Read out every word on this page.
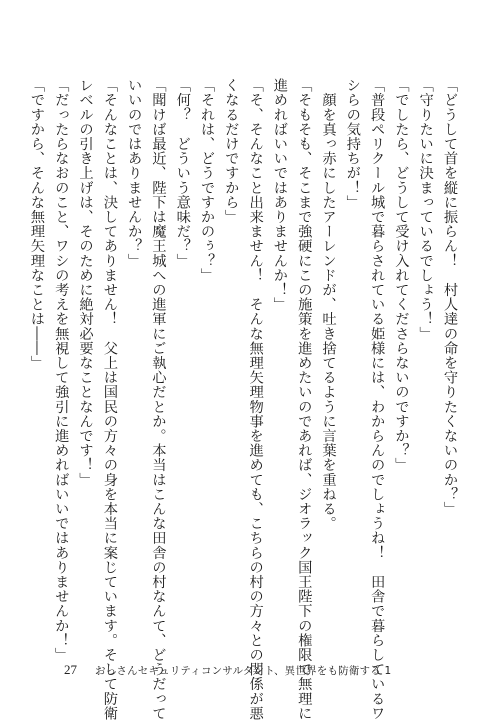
「どうして首を縦に振らん！　村人達の命を守りたくないのか？」
「守りたいに決まっているでしょう！」
「でしたら、どうして受け入れてくださらないのですか？」
「普段ペリクール城で暮らされている姫様には、わからんのでしょうね！　田舎で暮らしているワ
シらの気持ちが！」
　顔を真っ赤にしたアーレンドが、吐き捨てるように言葉を重ねる。
「そもそも、そこまで強硬にこの施策を進めたいのであれば、ジオラック国王陛下の権限で無理に
進めればいいではありませんか！」
「そ、そんなこと出来ません！　そんな無理矢理物事を進めても、こちらの村の方々との関係が悪
くなるだけですから」
「それは、どうですかのぅ？」
「何？　どういう意味だ？」
「聞けば最近、陛下は魔王城への進軍にご執心だとか。本当はこんな田舎の村なんて、どうだって
いいのではありませんか？」
「そんなことは、決してありません！　父上は国民の方々の身を本当に案じています。そして防衛
レベルの引き上げは、そのために絶対必要なことなんです！」
「だったらなおのこと、ワシの考えを無視して強引に進めればいいではありませんか！」
「ですから、そんな無理矢理なことは――」
27 おっさんセキュリティコンサルタント、異世界をも防衛する 1
